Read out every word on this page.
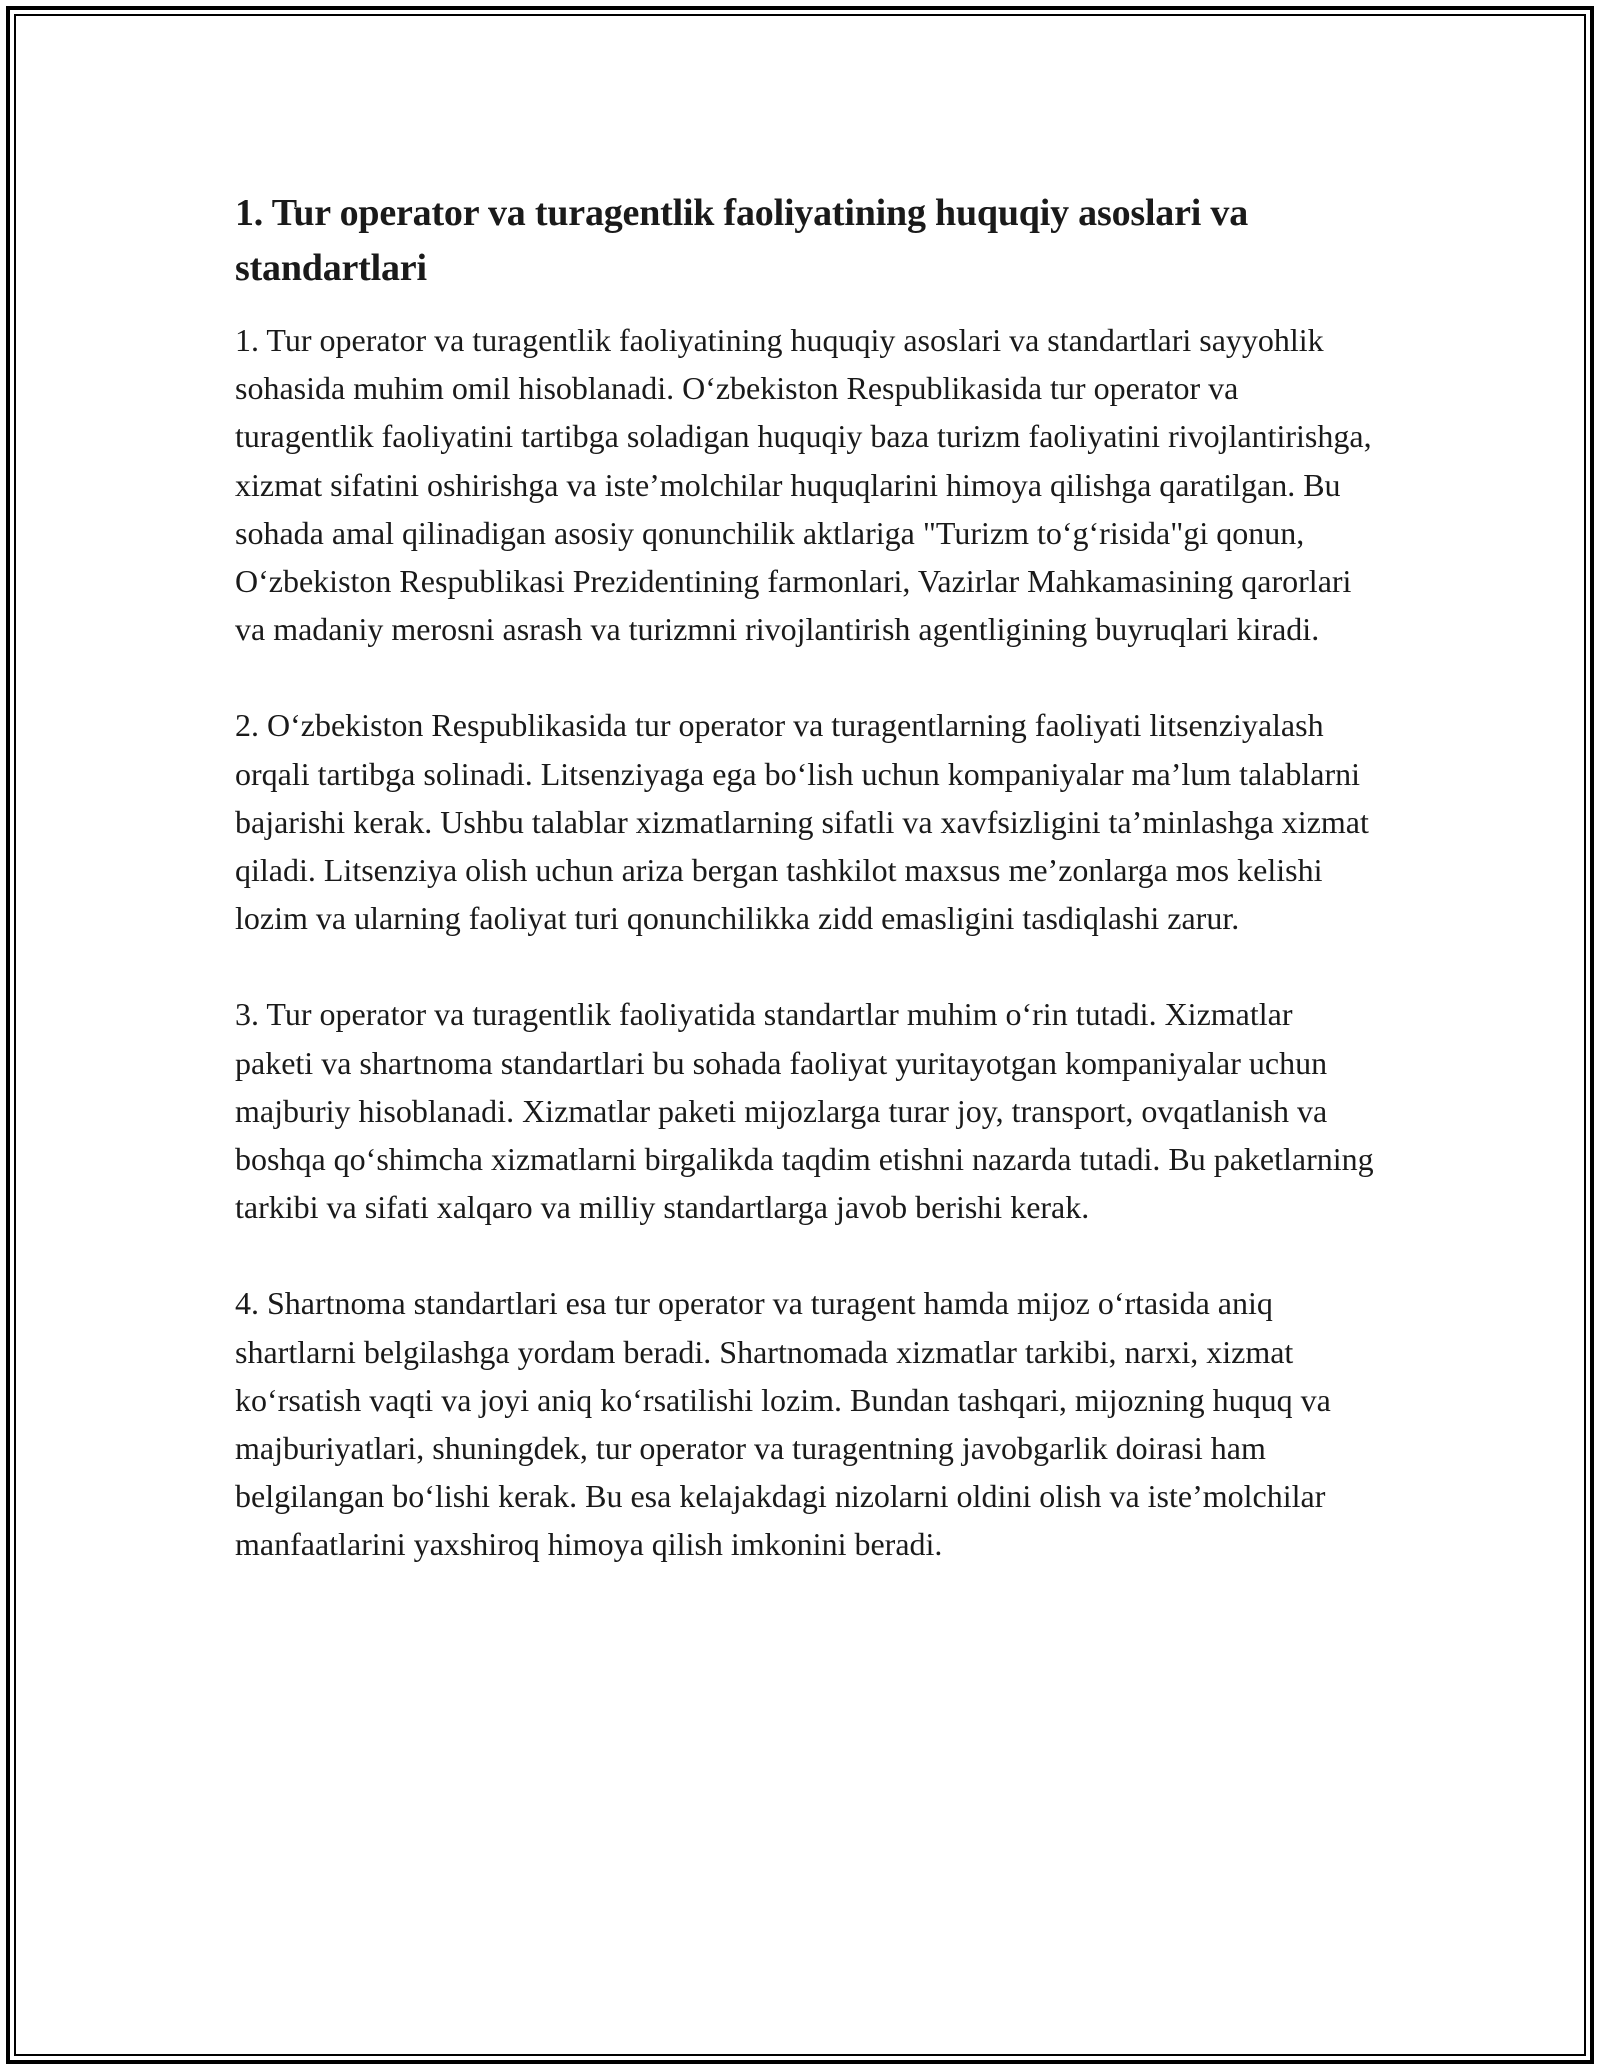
1. Tur operator va turagentlik faoliyatining huquqiy asoslari va standartlari

1. Tur operator va turagentlik faoliyatining huquqiy asoslari va standartlari sayyohlik sohasida muhim omil hisoblanadi. O‘zbekiston Respublikasida tur operator va turagentlik faoliyatini tartibga soladigan huquqiy baza turizm faoliyatini rivojlantirishga, xizmat sifatini oshirishga va iste’molchilar huquqlarini himoya qilishga qaratilgan. Bu sohada amal qilinadigan asosiy qonunchilik aktlariga "Turizm to‘g‘risida"gi qonun, O‘zbekiston Respublikasi Prezidentining farmonlari, Vazirlar Mahkamasining qarorlari va madaniy merosni asrash va turizmni rivojlantirish agentligining buyruqlari kiradi.

2. O‘zbekiston Respublikasida tur operator va turagentlarning faoliyati litsenziyalash orqali tartibga solinadi. Litsenziyaga ega bo‘lish uchun kompaniyalar ma’lum talablarni bajarishi kerak. Ushbu talablar xizmatlarning sifatli va xavfsizligini ta’minlashga xizmat qiladi. Litsenziya olish uchun ariza bergan tashkilot maxsus me’zonlarga mos kelishi lozim va ularning faoliyat turi qonunchilikka zidd emasligini tasdiqlashi zarur.

3. Tur operator va turagentlik faoliyatida standartlar muhim o‘rin tutadi. Xizmatlar paketi va shartnoma standartlari bu sohada faoliyat yuritayotgan kompaniyalar uchun majburiy hisoblanadi. Xizmatlar paketi mijozlarga turar joy, transport, ovqatlanish va boshqa qo‘shimcha xizmatlarni birgalikda taqdim etishni nazarda tutadi. Bu paketlarning tarkibi va sifati xalqaro va milliy standartlarga javob berishi kerak.

4. Shartnoma standartlari esa tur operator va turagent hamda mijoz o‘rtasida aniq shartlarni belgilashga yordam beradi. Shartnomada xizmatlar tarkibi, narxi, xizmat ko‘rsatish vaqti va joyi aniq ko‘rsatilishi lozim. Bundan tashqari, mijozning huquq va majburiyatlari, shuningdek, tur operator va turagentning javobgarlik doirasi ham belgilangan bo‘lishi kerak. Bu esa kelajakdagi nizolarni oldini olish va iste’molchilar manfaatlarini yaxshiroq himoya qilish imkonini beradi.
